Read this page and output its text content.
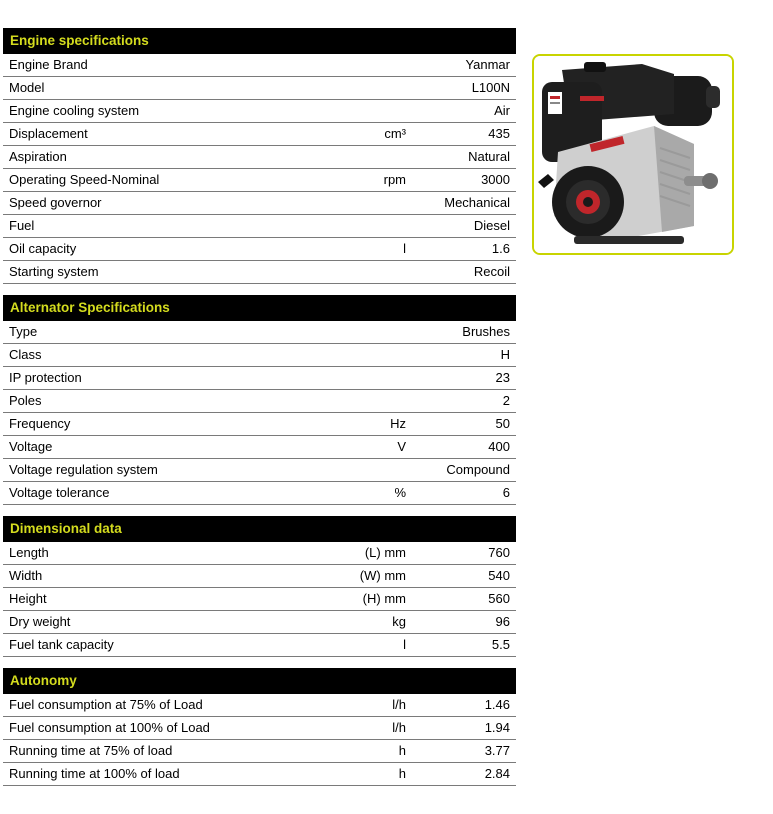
Engine specifications
Engine Brand	Yanmar
Model	L100N
Engine cooling system	Air
Displacement	cm³	435
Aspiration	Natural
Operating Speed-Nominal	rpm	3000
Speed governor	Mechanical
Fuel	Diesel
Oil capacity	l	1.6
Starting system	Recoil
Alternator Specifications
Type	Brushes
Class	H
IP protection	23
Poles	2
Frequency	Hz	50
Voltage	V	400
Voltage regulation system	Compound
Voltage tolerance	%	6
Dimensional data
Length	(L) mm	760
Width	(W) mm	540
Height	(H) mm	560
Dry weight	kg	96
Fuel tank capacity	l	5.5
Autonomy
Fuel consumption at 75% of Load	l/h	1.46
Fuel consumption at 100% of Load	l/h	1.94
Running time at 75% of load	h	3.77
Running time at 100% of load	h	2.84
